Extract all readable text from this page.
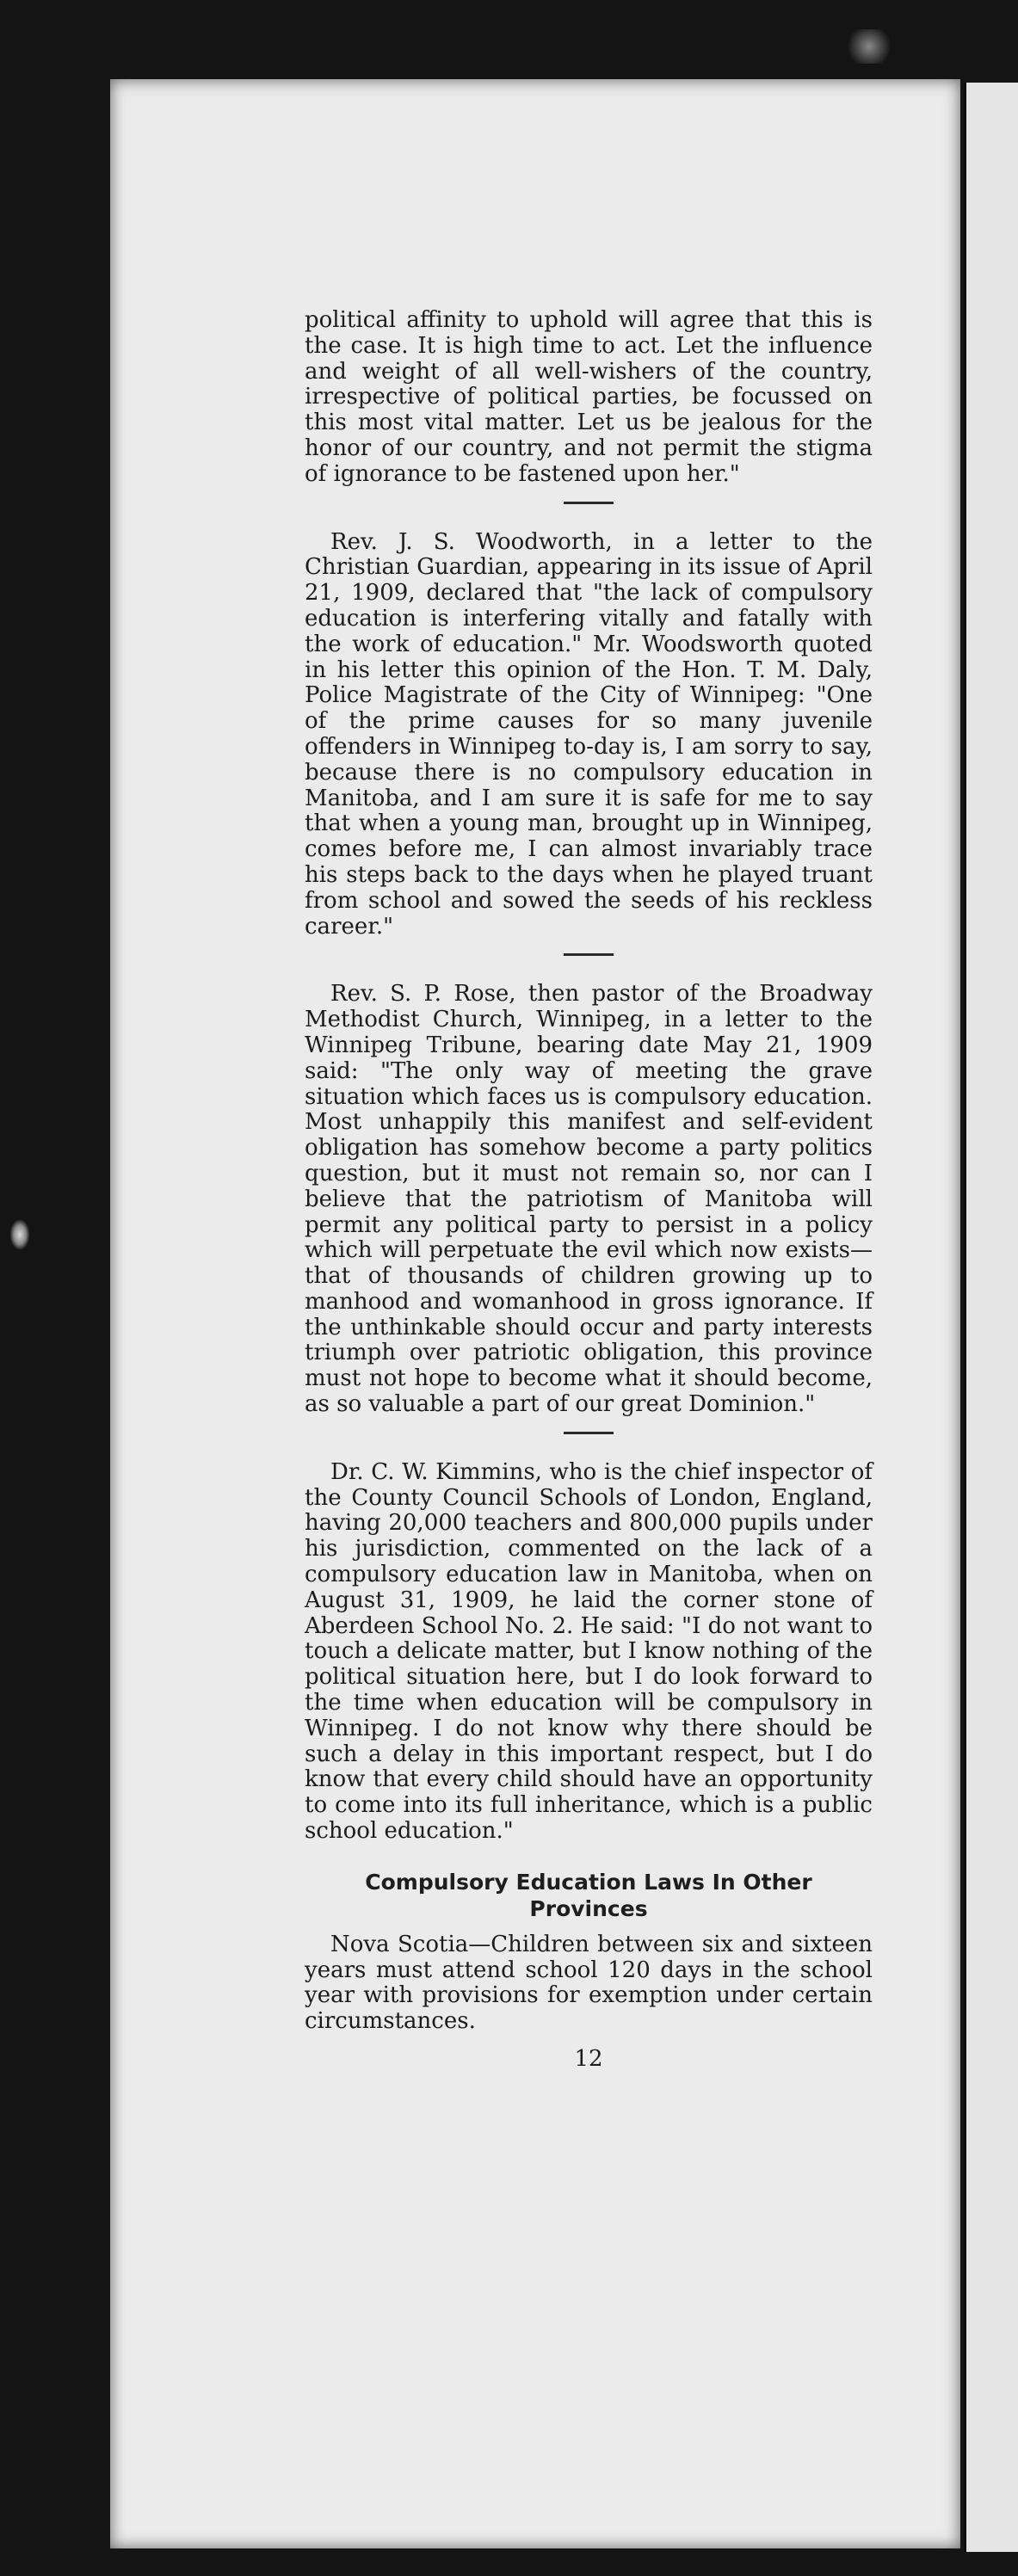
political affinity to uphold will agree that this is the case. It is high time to act. Let the influence and weight of all well-wishers of the country, irrespective of political parties, be focussed on this most vital matter. Let us be jealous for the honor of our country, and not permit the stigma of ignorance to be fastened upon her."

Rev. J. S. Woodworth, in a letter to the Christian Guardian, appearing in its issue of April 21, 1909, declared that "the lack of compulsory education is interfering vitally and fatally with the work of education." Mr. Woodsworth quoted in his letter this opinion of the Hon. T. M. Daly, Police Magistrate of the City of Winnipeg: "One of the prime causes for so many juvenile offenders in Winnipeg to-day is, I am sorry to say, because there is no compulsory education in Manitoba, and I am sure it is safe for me to say that when a young man, brought up in Winnipeg, comes before me, I can almost invariably trace his steps back to the days when he played truant from school and sowed the seeds of his reckless career."

Rev. S. P. Rose, then pastor of the Broadway Methodist Church, Winnipeg, in a letter to the Winnipeg Tribune, bearing date May 21, 1909 said: "The only way of meeting the grave situation which faces us is compulsory education. Most unhappily this manifest and self-evident obligation has somehow become a party politics question, but it must not remain so, nor can I believe that the patriotism of Manitoba will permit any political party to persist in a policy which will perpetuate the evil which now exists—that of thousands of children growing up to manhood and womanhood in gross ignorance. If the unthinkable should occur and party interests triumph over patriotic obligation, this province must not hope to become what it should become, as so valuable a part of our great Dominion."

Dr. C. W. Kimmins, who is the chief inspector of the County Council Schools of London, England, having 20,000 teachers and 800,000 pupils under his jurisdiction, commented on the lack of a compulsory education law in Manitoba, when on August 31, 1909, he laid the corner stone of Aberdeen School No. 2. He said: "I do not want to touch a delicate matter, but I know nothing of the political situation here, but I do look forward to the time when education will be compulsory in Winnipeg. I do not know why there should be such a delay in this important respect, but I do know that every child should have an opportunity to come into its full inheritance, which is a public school education."

Compulsory Education Laws In Other
Provinces

Nova Scotia—Children between six and sixteen years must attend school 120 days in the school year with provisions for exemption under certain circumstances.

12
